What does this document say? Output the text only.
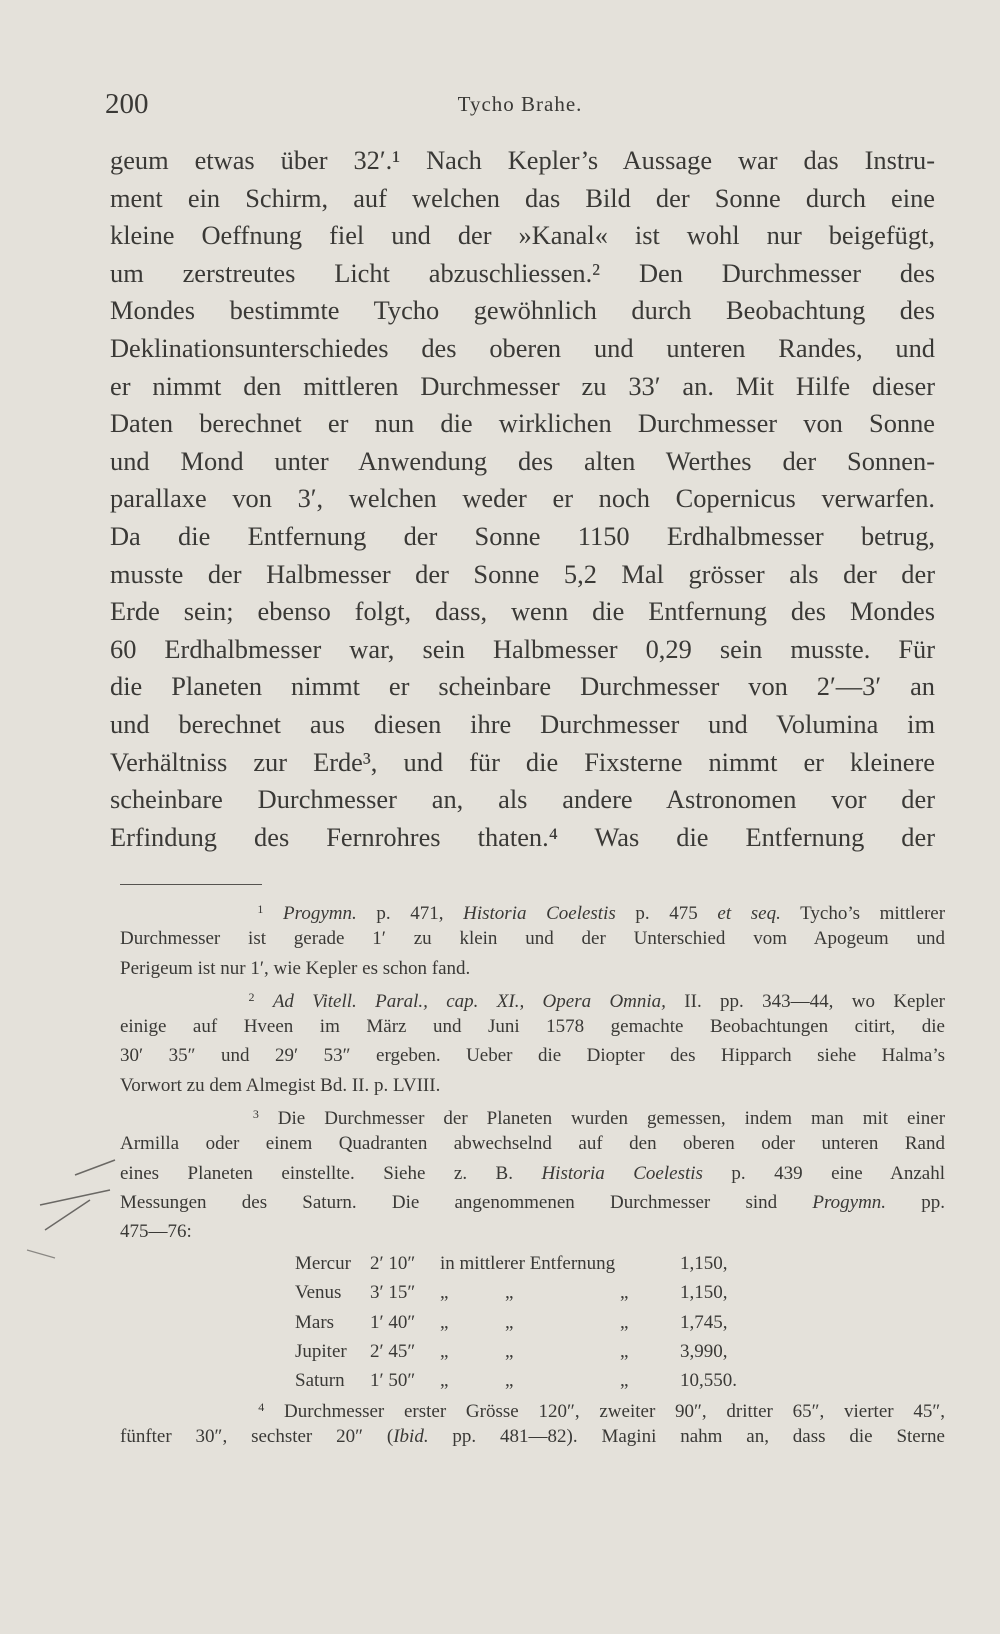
200	Tycho Brahe.
geum etwas über 32′.¹ Nach Kepler’s Aussage war das Instru-
ment ein Schirm, auf welchen das Bild der Sonne durch eine
kleine Oeffnung fiel und der »Kanal« ist wohl nur beigefügt,
um zerstreutes Licht abzuschliessen.² Den Durchmesser des
Mondes bestimmte Tycho gewöhnlich durch Beobachtung des
Deklinationsunterschiedes des oberen und unteren Randes, und
er nimmt den mittleren Durchmesser zu 33′ an. Mit Hilfe dieser
Daten berechnet er nun die wirklichen Durchmesser von Sonne
und Mond unter Anwendung des alten Werthes der Sonnen-
parallaxe von 3′, welchen weder er noch Copernicus verwarfen.
Da die Entfernung der Sonne 1150 Erdhalbmesser betrug,
musste der Halbmesser der Sonne 5,2 Mal grösser als der der
Erde sein; ebenso folgt, dass, wenn die Entfernung des Mondes
60 Erdhalbmesser war, sein Halbmesser 0,29 sein musste. Für
die Planeten nimmt er scheinbare Durchmesser von 2′—3′ an
und berechnet aus diesen ihre Durchmesser und Volumina im
Verhältniss zur Erde³, und für die Fixsterne nimmt er kleinere
scheinbare Durchmesser an, als andere Astronomen vor der
Erfindung des Fernrohres thaten.⁴ Was die Entfernung der
$^1$ Progymn. p. 471, Historia Coelestis p. 475 et seq. Tycho’s mittlerer
Durchmesser ist gerade 1′ zu klein und der Unterschied vom Apogeum und
Perigeum ist nur 1′, wie Kepler es schon fand.
$^2$ Ad Vitell. Paral., cap. XI., Opera Omnia, II. pp. 343—44, wo Kepler
einige auf Hveen im März und Juni 1578 gemachte Beobachtungen citirt, die
30′ 35″ und 29′ 53″ ergeben. Ueber die Diopter des Hipparch siehe Halma’s
Vorwort zu dem Almegist Bd. II. p. LVIII.
$^3$ Die Durchmesser der Planeten wurden gemessen, indem man mit einer
Armilla oder einem Quadranten abwechselnd auf den oberen oder unteren Rand
eines Planeten einstellte. Siehe z. B. Historia Coelestis p. 439 eine Anzahl
Messungen des Saturn. Die angenommenen Durchmesser sind Progymn. pp.
475—76:
$^4$ Durchmesser erster Grösse 120″, zweiter 90″, dritter 65″, vierter 45″,
fünfter 30″, sechster 20″ (Ibid. pp. 481—82). Magini nahm an, dass die Sterne
Mercur 2′ 10″ in mittlerer Entfernung	1,150,
Venus 3′ 15″ „	„	„	1,150,
Mars 1′ 40″ „	„	„	1,745,
Jupiter 2′ 45″ „	„	„	3,990,
Saturn 1′ 50″ „	„	„	10,550.
